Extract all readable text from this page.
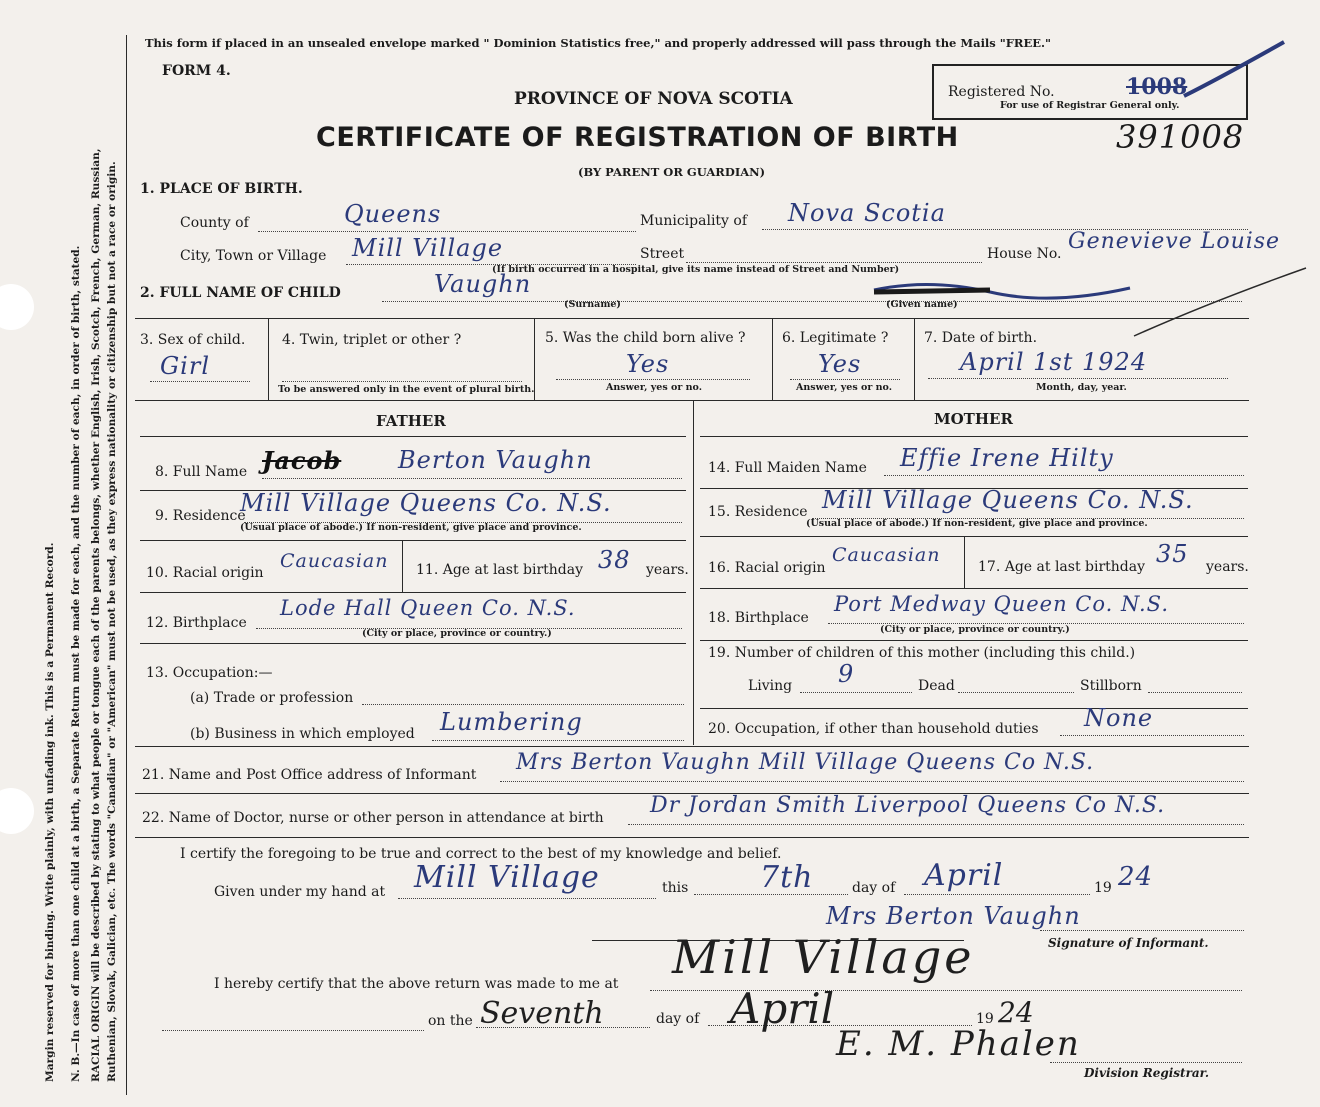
Margin reserved for binding. Write plainly, with unfading ink. This is a Permanent Record. N. B.—In case of more than one child at a birth, a Separate Return must be made for each, and the number of each, in order of birth, stated. RACIAL ORIGIN will be described by stating to what people or tongue each of the parents belongs, whether English, Irish, Scotch, French, German, Russian, Ruthenian, Slovak, Galician, etc. The words "Canadian" or "American" must not be used, as they express nationality or citizenship but not a race or origin.
This form if placed in an unsealed envelope marked " Dominion Statistics free," and properly addressed will pass through the Mails "FREE."
FORM 4.
PROVINCE OF NOVA SCOTIA
CERTIFICATE OF REGISTRATION OF BIRTH
(BY PARENT OR GUARDIAN)
Registered No.	1008
For use of Registrar General only.
391008
1. PLACE OF BIRTH.
County of	Queens	Municipality of Nova Scotia
City, Town or Village Mill Village	Street
(If birth occurred in a hospital, give its name instead of Street and Number)
House No. Genevieve Louise
2. FULL NAME OF CHILD	Vaughn
(Surname)	(Given name)
3. Sex of child.
Girl
4. Twin, triplet or other ?
To be answered only in the event of plural birth.
5. Was the child born alive ?
Yes
Answer, yes or no.
6. Legitimate ?
Yes
Answer, yes or no.
7. Date of birth.
April 1st 1924
Month, day, year.
FATHER	MOTHER
8. Full Name Jacob Berton Vaughn
9. Residence
Mill Village Queens Co. N.S.
(Usual place of abode.) If non-resident, give place and province.
10. Racial origin
Caucasian 11. Age at last birthday 38 years.
12. Birthplace
Lode Hall Queen Co. N.S.
(City or place, province or country.)
13. Occupation:—
(a) Trade or profession
(b) Business in which employed Lumbering
14. Full Maiden Name Effie Irene Hilty
15. Residence Mill Village Queens Co. N.S.
(Usual place of abode.) If non-resident, give place and province.
16. Racial origin
Caucasian
17. Age at last birthday 35 years.
18. Birthplace
Port Medway Queen Co. N.S.
(City or place, province or country.)
19. Number of children of this mother (including this child.)
Living 9	Dead	Stillborn
20. Occupation, if other than household duties None
21. Name and Post Office address of Informant Mrs Berton Vaughn Mill Village Queens Co N.S.
22. Name of Doctor, nurse or other person in attendance at birth Dr Jordan Smith Liverpool Queens Co N.S.
I certify the foregoing to be true and correct to the best of my knowledge and belief.
Given under my hand at Mill Village	this 7th	day of April	19 24
Mrs Berton Vaughn
Signature of Informant.
I hereby certify that the above return was made to me at Mill Village
on the Seventh	day of April	19 24
E. M. Phalen
Division Registrar.
